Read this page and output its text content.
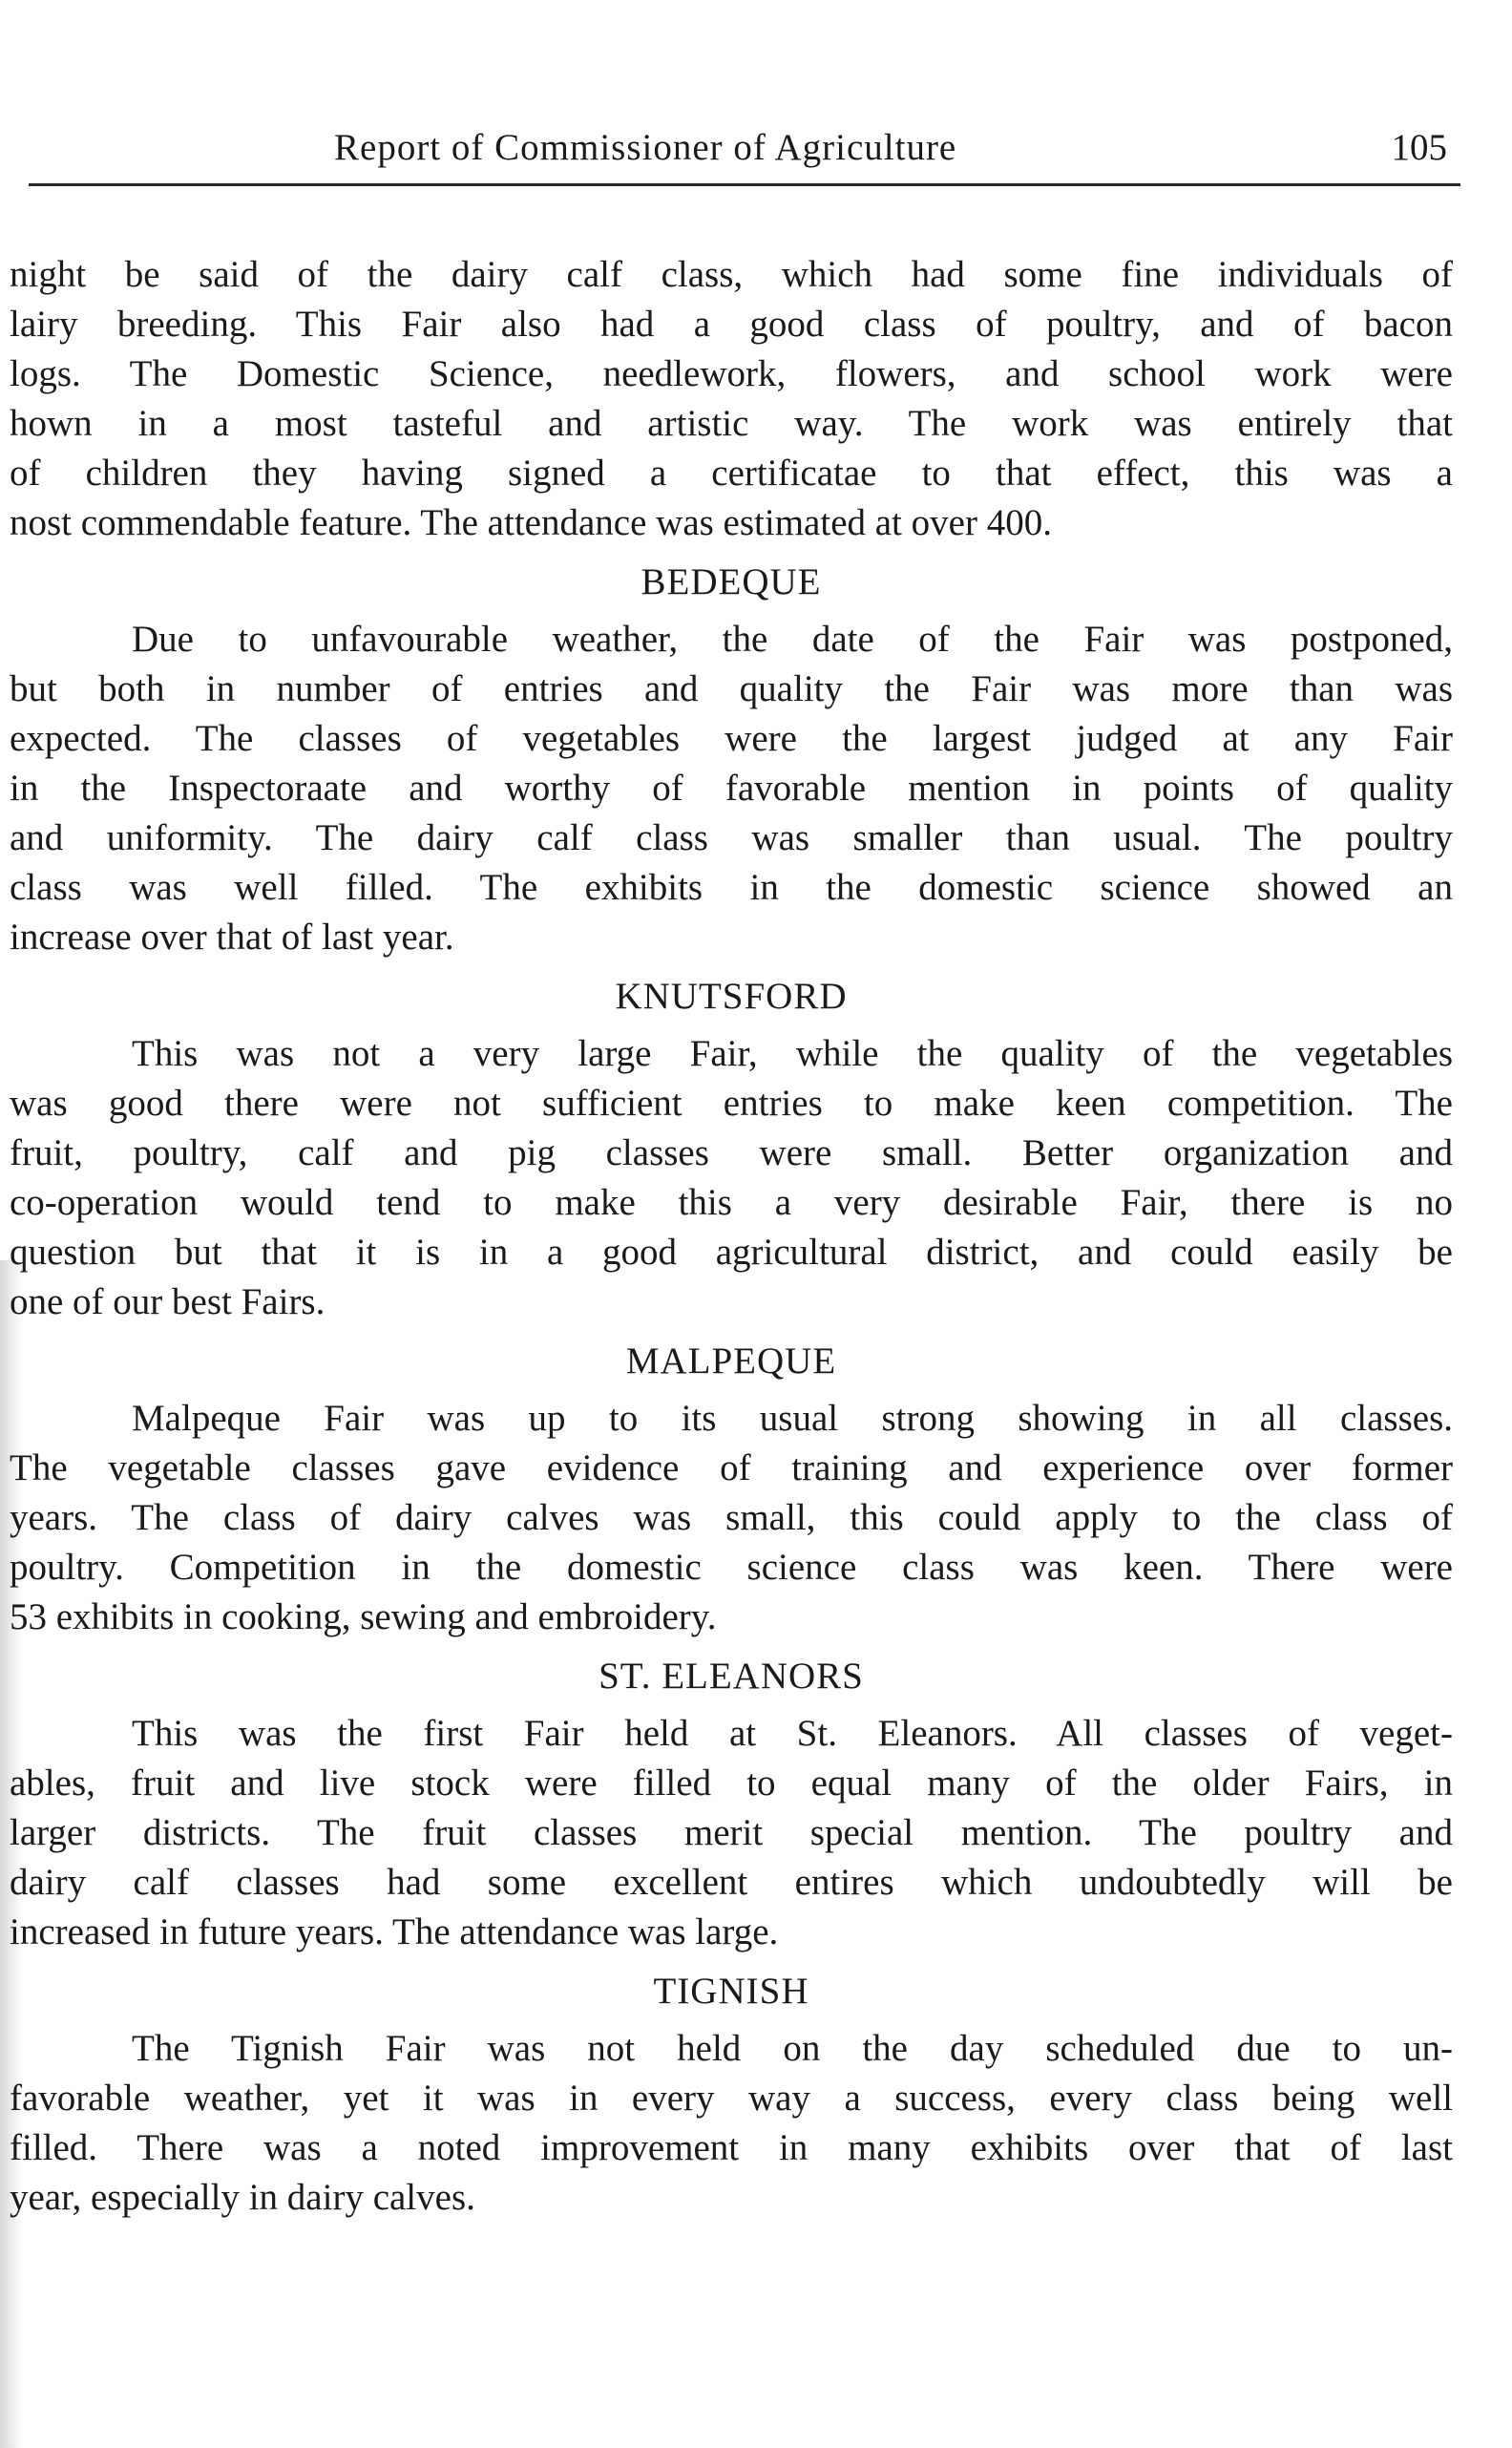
Report of Commissioner of Agriculture	105
night be said of the dairy calf class, which had some fine individuals of
lairy breeding. This Fair also had a good class of poultry, and of bacon
logs. The Domestic Science, needlework, flowers, and school work were
hown in a most tasteful and artistic way. The work was entirely that
of children they having signed a certificatae to that effect, this was a
nost commendable feature. The attendance was estimated at over 400.
BEDEQUE
Due to unfavourable weather, the date of the Fair was postponed,
but both in number of entries and quality the Fair was more than was
expected. The classes of vegetables were the largest judged at any Fair
in the Inspectoraate and worthy of favorable mention in points of quality
and uniformity. The dairy calf class was smaller than usual. The poultry
class was well filled. The exhibits in the domestic science showed an
increase over that of last year.
KNUTSFORD
This was not a very large Fair, while the quality of the vegetables
was good there were not sufficient entries to make keen competition. The
fruit, poultry, calf and pig classes were small. Better organization and
co-operation would tend to make this a very desirable Fair, there is no
question but that it is in a good agricultural district, and could easily be
one of our best Fairs.
MALPEQUE
Malpeque Fair was up to its usual strong showing in all classes.
The vegetable classes gave evidence of training and experience over former
years. The class of dairy calves was small, this could apply to the class of
poultry. Competition in the domestic science class was keen. There were
53 exhibits in cooking, sewing and embroidery.
ST. ELEANORS
This was the first Fair held at St. Eleanors. All classes of veget-
ables, fruit and live stock were filled to equal many of the older Fairs, in
larger districts. The fruit classes merit special mention. The poultry and
dairy calf classes had some excellent entires which undoubtedly will be
increased in future years. The attendance was large.
TIGNISH
The Tignish Fair was not held on the day scheduled due to un-
favorable weather, yet it was in every way a success, every class being well
filled. There was a noted improvement in many exhibits over that of last
year, especially in dairy calves.
